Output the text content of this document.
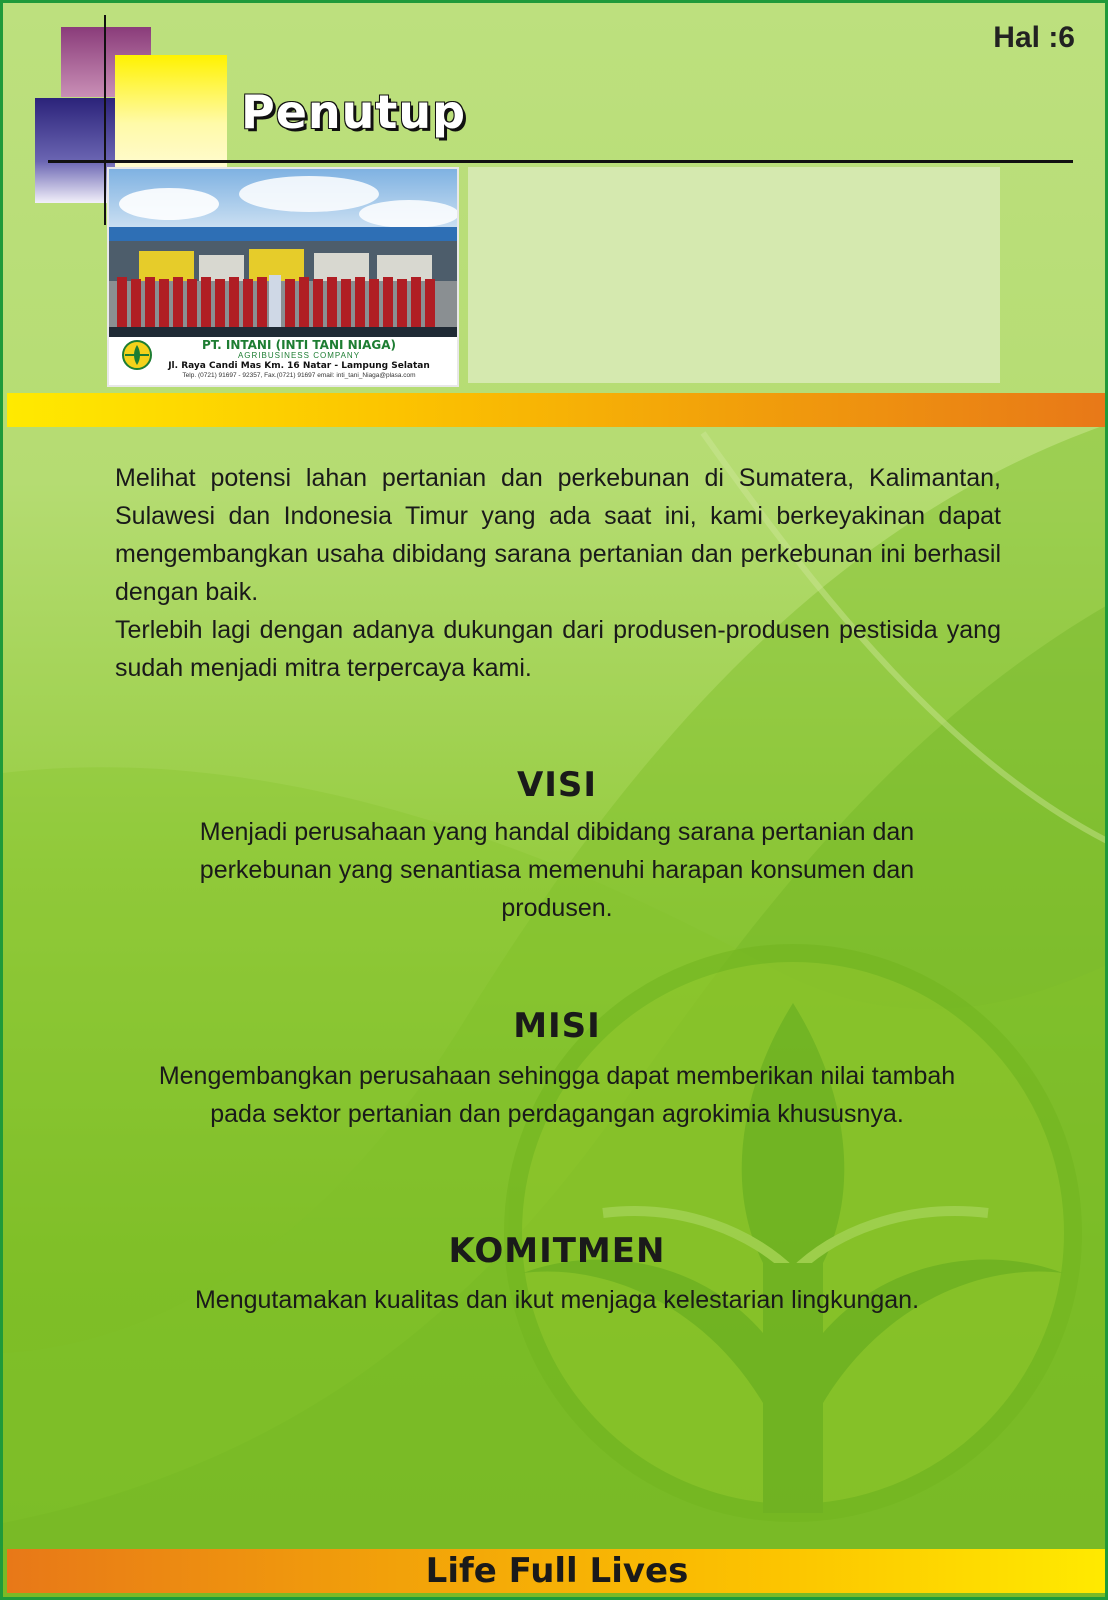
Hal :6
Penutup
PT. INTANI (INTI TANI NIAGA)
AGRIBUSINESS COMPANY
Jl. Raya Candi Mas Km. 16 Natar - Lampung Selatan
Telp. (0721) 91697 - 92357, Fax.(0721) 91697 email: inti_tani_Niaga@plasa.com

Melihat potensi lahan pertanian dan perkebunan di Sumatera, Kalimantan, Sulawesi dan Indonesia Timur yang ada saat ini, kami berkeyakinan dapat mengembangkan usaha dibidang sarana pertanian dan perkebunan ini berhasil dengan baik.

Terlebih lagi dengan adanya dukungan dari produsen-produsen pestisida yang sudah menjadi mitra terpercaya kami.

VISI

Menjadi perusahaan yang handal dibidang sarana pertanian dan perkebunan yang senantiasa memenuhi harapan konsumen dan produsen.

MISI

Mengembangkan perusahaan sehingga dapat memberikan nilai tambah pada sektor pertanian dan perdagangan agrokimia khususnya.

KOMITMEN

Mengutamakan kualitas dan ikut menjaga kelestarian lingkungan.

Life Full Lives
